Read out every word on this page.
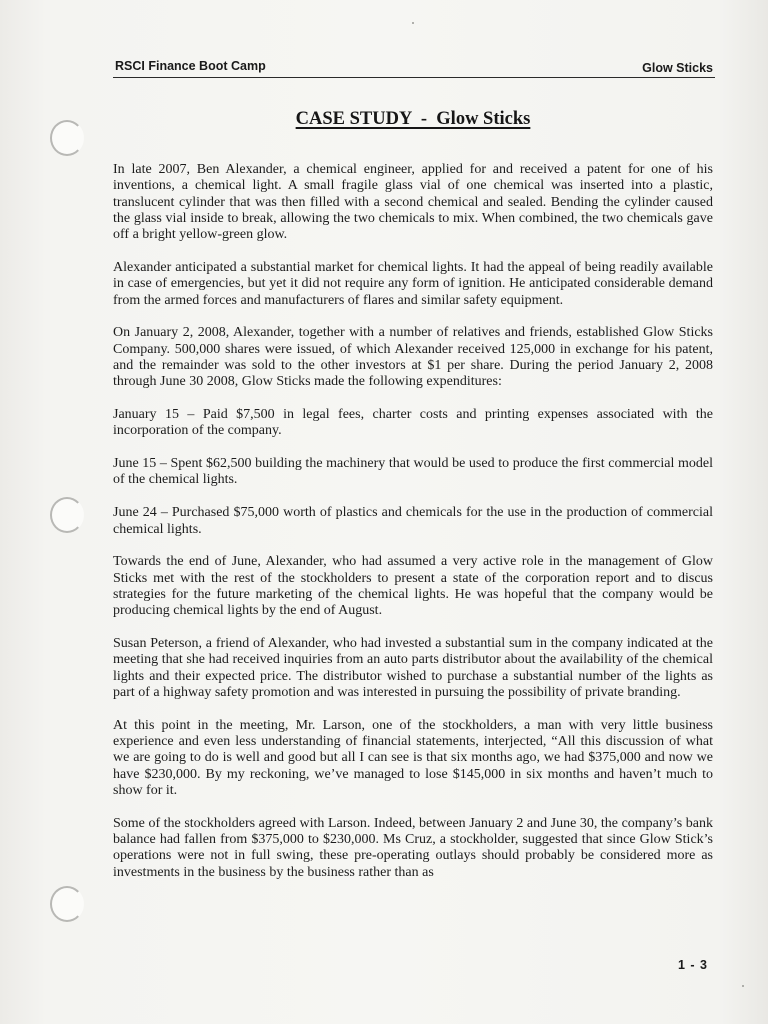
RSCI Finance Boot Camp	Glow Sticks
CASE STUDY  -  Glow Sticks

In late 2007, Ben Alexander, a chemical engineer, applied for and received a patent for one of his inventions, a chemical light. A small fragile glass vial of one chemical was inserted into a plastic, translucent cylinder that was then filled with a second chemical and sealed. Bending the cylinder caused the glass vial inside to break, allowing the two chemicals to mix. When combined, the two chemicals gave off a bright yellow-green glow.

Alexander anticipated a substantial market for chemical lights. It had the appeal of being readily available in case of emergencies, but yet it did not require any form of ignition. He anticipated considerable demand from the armed forces and manufacturers of flares and similar safety equipment.

On January 2, 2008, Alexander, together with a number of relatives and friends, established Glow Sticks Company. 500,000 shares were issued, of which Alexander received 125,000 in exchange for his patent, and the remainder was sold to the other investors at $1 per share. During the period January 2, 2008 through June 30 2008, Glow Sticks made the following expenditures:

January 15 – Paid $7,500 in legal fees, charter costs and printing expenses associated with the incorporation of the company.

June 15 – Spent $62,500 building the machinery that would be used to produce the first commercial model of the chemical lights.

June 24 – Purchased $75,000 worth of plastics and chemicals for the use in the production of commercial chemical lights.

Towards the end of June, Alexander, who had assumed a very active role in the management of Glow Sticks met with the rest of the stockholders to present a state of the corporation report and to discus strategies for the future marketing of the chemical lights. He was hopeful that the company would be producing chemical lights by the end of August.

Susan Peterson, a friend of Alexander, who had invested a substantial sum in the company indicated at the meeting that she had received inquiries from an auto parts distributor about the availability of the chemical lights and their expected price. The distributor wished to purchase a substantial number of the lights as part of a highway safety promotion and was interested in pursuing the possibility of private branding.

At this point in the meeting, Mr. Larson, one of the stockholders, a man with very little business experience and even less understanding of financial statements, interjected, “All this discussion of what we are going to do is well and good but all I can see is that six months ago, we had $375,000 and now we have $230,000. By my reckoning, we’ve managed to lose $145,000 in six months and haven’t much to show for it.

Some of the stockholders agreed with Larson. Indeed, between January 2 and June 30, the company’s bank balance had fallen from $375,000 to $230,000. Ms Cruz, a stockholder, suggested that since Glow Stick’s operations were not in full swing, these pre-operating outlays should probably be considered more as investments in the business by the business rather than as

1 - 3
